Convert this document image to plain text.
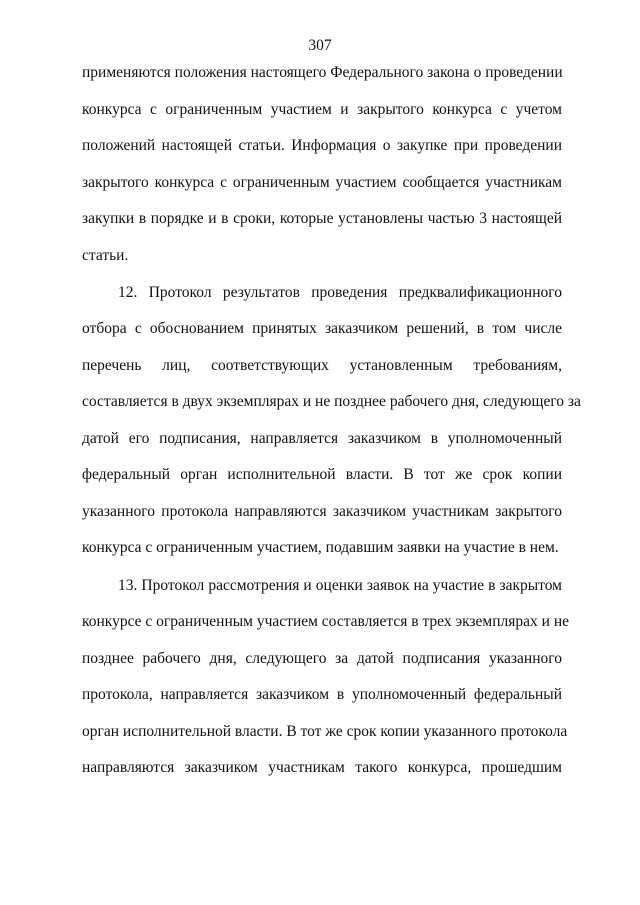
307
применяются положения настоящего Федерального закона о проведении
конкурса с ограниченным участием и закрытого конкурса с учетом
положений настоящей статьи. Информация о закупке при проведении
закрытого конкурса с ограниченным участием сообщается участникам
закупки в порядке и в сроки, которые установлены частью 3 настоящей
статьи.
12. Протокол результатов проведения предквалификационного
отбора с обоснованием принятых заказчиком решений, в том числе
перечень лиц, соответствующих установленным требованиям,
составляется в двух экземплярах и не позднее рабочего дня, следующего за
датой его подписания, направляется заказчиком в уполномоченный
федеральный орган исполнительной власти. В тот же срок копии
указанного протокола направляются заказчиком участникам закрытого
конкурса с ограниченным участием, подавшим заявки на участие в нем.
13. Протокол рассмотрения и оценки заявок на участие в закрытом
конкурсе с ограниченным участием составляется в трех экземплярах и не
позднее рабочего дня, следующего за датой подписания указанного
протокола, направляется заказчиком в уполномоченный федеральный
орган исполнительной власти. В тот же срок копии указанного протокола
направляются заказчиком участникам такого конкурса, прошедшим
